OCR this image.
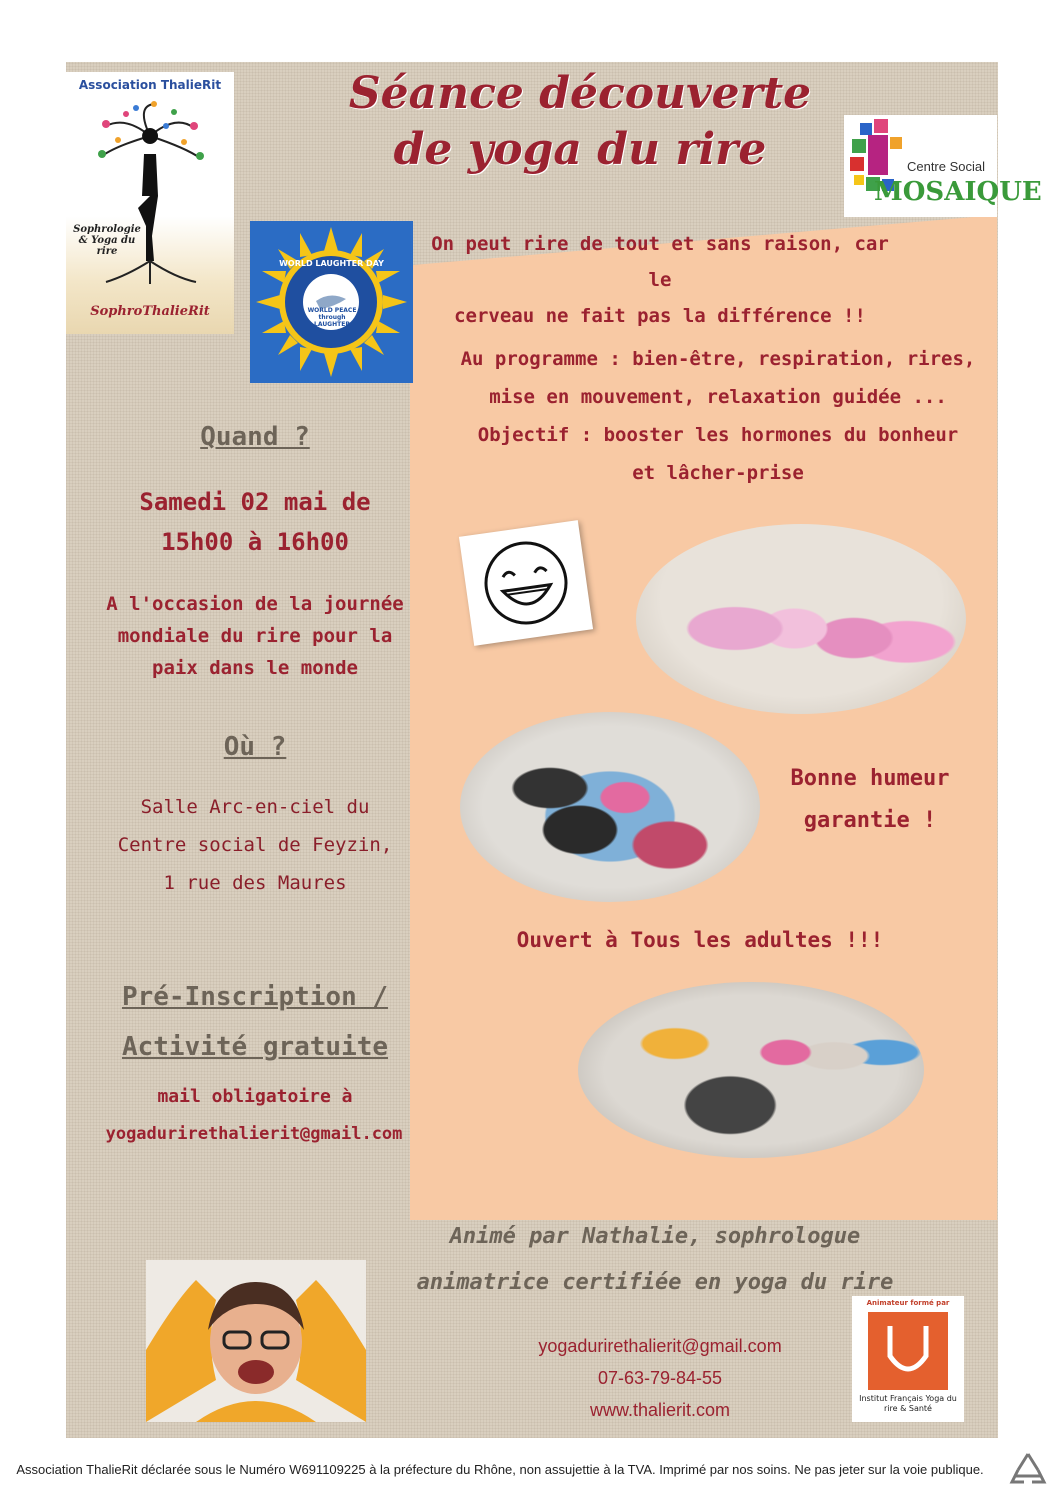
Séance découverte
de yoga du rire
Association ThalieRit
Sophrologie & Yoga du rire
SophroThalieRit
WORLD LAUGHTER DAY
WORLD PEACE through LAUGHTER
Centre Social
MOSAIQUE
On peut rire de tout et sans raison, car le
cerveau ne fait pas la différence !!
Au programme : bien-être, respiration, rires,
mise en mouvement, relaxation guidée ...
Objectif : booster les hormones du bonheur
et lâcher-prise
Quand ?
Samedi 02 mai de
15h00 à 16h00
A l'occasion de la journée
mondiale du rire pour la
paix dans le monde
Où ?
Salle Arc-en-ciel du
Centre social de Feyzin,
1 rue des Maures
Pré-Inscription /
Activité gratuite
mail obligatoire à
yogadurirethalierit@gmail.com
Bonne humeur
garantie !
Ouvert à Tous les adultes !!!
Animé par Nathalie, sophrologue
animatrice certifiée en yoga du rire
yogadurirethalierit@gmail.com
07-63-79-84-55
www.thalierit.com
Animateur formé par
Institut Français Yoga du rire & Santé
Association ThalieRit déclarée sous le Numéro W691109225 à la préfecture du Rhône, non assujettie à la TVA. Imprimé par nos soins. Ne pas jeter sur la voie publique.
